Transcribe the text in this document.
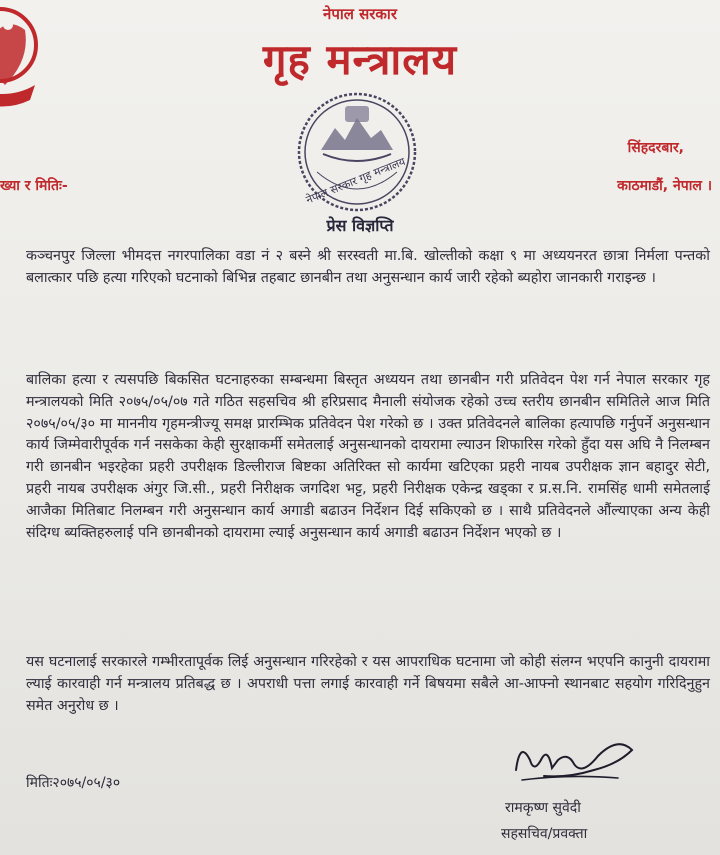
नेपाल सरकार
गृह मन्त्रालय
नेपाल सरकार गृह मन्त्रालय
प्रेस विज्ञप्ति
सिंहदरबार,
काठमाडौं, नेपाल ।
ख्या र मितिः-
कञ्चनपुर जिल्ला भीमदत्त नगरपालिका वडा नं २ बस्ने श्री सरस्वती मा.बि. खोल्तीको कक्षा ९ मा अध्ययनरत छात्रा निर्मला पन्तको बलात्कार पछि हत्या गरिएको घटनाको बिभिन्न तहबाट छानबीन तथा अनुसन्धान कार्य जारी रहेको ब्यहोरा जानकारी गराइन्छ ।
बालिका हत्या र त्यसपछि बिकसित घटनाहरुका सम्बन्धमा बिस्तृत अध्ययन तथा छानबीन गरी प्रतिवेदन पेश गर्न नेपाल सरकार गृह मन्त्रालयको मिति २०७५/०५/०७ गते गठित सहसचिव श्री हरिप्रसाद मैनाली संयोजक रहेको उच्च स्तरीय छानबीन समितिले आज मिति २०७५/०५/३० मा माननीय गृहमन्त्रीज्यू समक्ष प्रारम्भिक प्रतिवेदन पेश गरेको छ । उक्त प्रतिवेदनले बालिका हत्यापछि गर्नुपर्ने अनुसन्धान कार्य जिम्मेवारीपूर्वक गर्न नसकेका केही सुरक्षाकर्मी समेतलाई अनुसन्धानको दायरामा ल्याउन शिफारिस गरेको हुँदा यस अघि नै निलम्बन गरी छानबीन भइरहेका प्रहरी उपरीक्षक डिल्लीराज बिष्टका अतिरिक्त सो कार्यमा खटिएका प्रहरी नायब उपरीक्षक ज्ञान बहादुर सेटी, प्रहरी नायब उपरीक्षक अंगुर जि.सी., प्रहरी निरीक्षक जगदिश भट्ट, प्रहरी निरीक्षक एकेन्द्र खड्का र प्र.स.नि. रामसिंह धामी समेतलाई आजैका मितिबाट निलम्बन गरी अनुसन्धान कार्य अगाडी बढाउन निर्देशन दिई सकिएको छ । साथै प्रतिवेदनले औंल्याएका अन्य केही संदिग्ध ब्यक्तिहरुलाई पनि छानबीनको दायरामा ल्याई अनुसन्धान कार्य अगाडी बढाउन निर्देशन भएको छ ।
यस घटनालाई सरकारले गम्भीरतापूर्वक लिई अनुसन्धान गरिरहेको र यस आपराधिक घटनामा जो कोही संलग्न भएपनि कानुनी दायरामा ल्याई कारवाही गर्न मन्त्रालय प्रतिबद्ध छ । अपराधी पत्ता लगाई कारवाही गर्ने बिषयमा सबैले आ-आफ्नो स्थानबाट सहयोग गरिदिनुहुन समेत अनुरोध छ ।
मितिः२०७५/०५/३०
रामकृष्ण सुवेदी
सहसचिव/प्रवक्ता
